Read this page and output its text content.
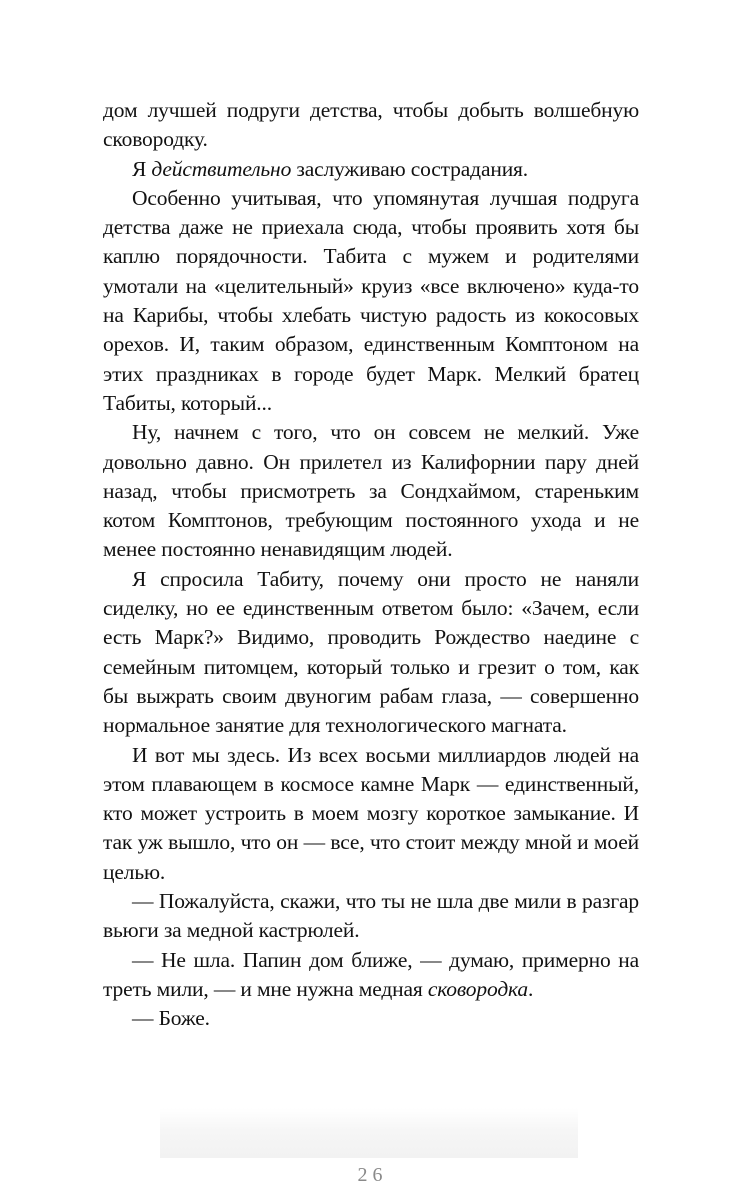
дом лучшей подруги детства, чтобы добыть волшебную сковородку.

Я действительно заслуживаю сострадания.

Особенно учитывая, что упомянутая лучшая подруга детства даже не приехала сюда, чтобы проявить хотя бы каплю порядочности. Табита с мужем и родителями умотали на «целительный» круиз «все включено» куда-то на Карибы, чтобы хлебать чистую радость из кокосовых орехов. И, таким образом, единственным Комптоном на этих праздниках в городе будет Марк. Мелкий братец Табиты, который...

Ну, начнем с того, что он совсем не мелкий. Уже довольно давно. Он прилетел из Калифорнии пару дней назад, чтобы присмотреть за Сондхаймом, стареньким котом Комптонов, требующим постоянного ухода и не менее постоянно ненавидящим людей.

Я спросила Табиту, почему они просто не наняли сиделку, но ее единственным ответом было: «Зачем, если есть Марк?» Видимо, проводить Рождество наедине с семейным питомцем, который только и грезит о том, как бы выжрать своим двуногим рабам глаза, — совершенно нормальное занятие для технологического магната.

И вот мы здесь. Из всех восьми миллиардов людей на этом плавающем в космосе камне Марк — единственный, кто может устроить в моем мозгу короткое замыкание. И так уж вышло, что он — все, что стоит между мной и моей целью.

— Пожалуйста, скажи, что ты не шла две мили в разгар вьюги за медной кастрюлей.

— Не шла. Папин дом ближе, — думаю, примерно на треть мили, — и мне нужна медная сковородка.

— Боже.

2 6
